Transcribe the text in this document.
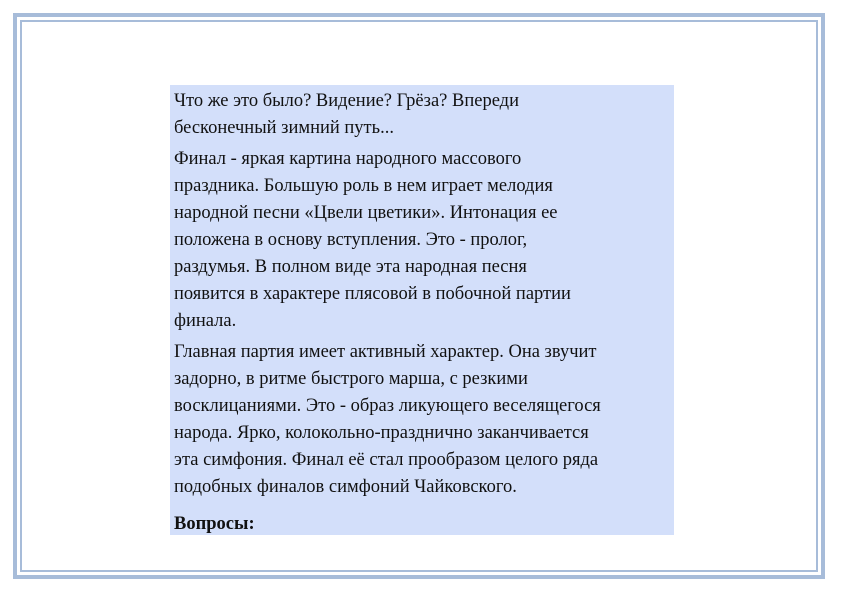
Что же это было? Видение? Грёза? Впереди
бесконечный зимний путь...

Финал - яркая картина народного массового
праздника. Большую роль в нем играет мелодия
народной песни «Цвели цветики». Интонация ее
положена в основу вступления. Это - пролог,
раздумья. В полном виде эта народная песня
появится в характере плясовой в побочной партии
финала.

Главная партия имеет активный характер. Она звучит
задорно, в ритме быстрого марша, с резкими
восклицаниями. Это - образ ликующего веселящегося
народа. Ярко, колокольно-празднично заканчивается
эта симфония. Финал её стал прообразом целого ряда
подобных финалов симфоний Чайковского.

Вопросы:
